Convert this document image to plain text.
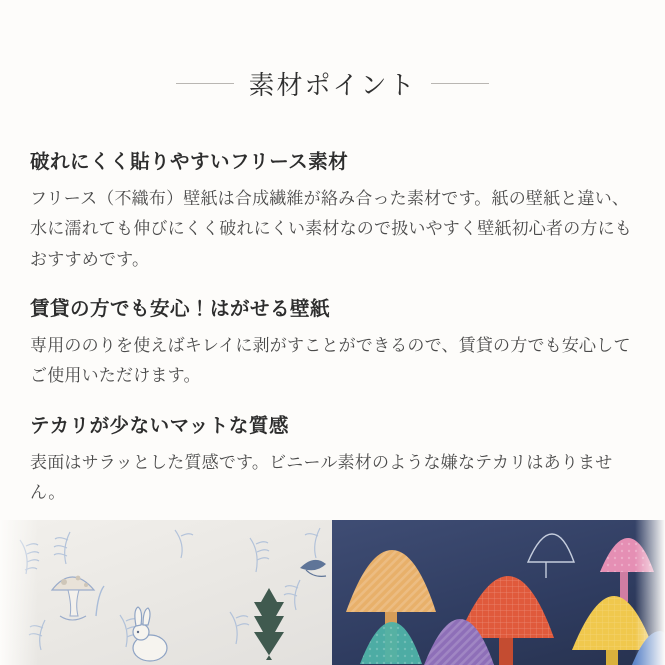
素材ポイント
破れにくく貼りやすいフリース素材

フリース（不織布）壁紙は合成繊維が絡み合った素材です。紙の壁紙と違い、水に濡れても伸びにくく破れにくい素材なので扱いやすく壁紙初心者の方にもおすすめです。

賃貸の方でも安心！はがせる壁紙

専用ののりを使えばキレイに剥がすことができるので、賃貸の方でも安心してご使用いただけます。

テカリが少ないマットな質感

表面はサラッとした質感です。ビニール素材のような嫌なテカリはありません。
